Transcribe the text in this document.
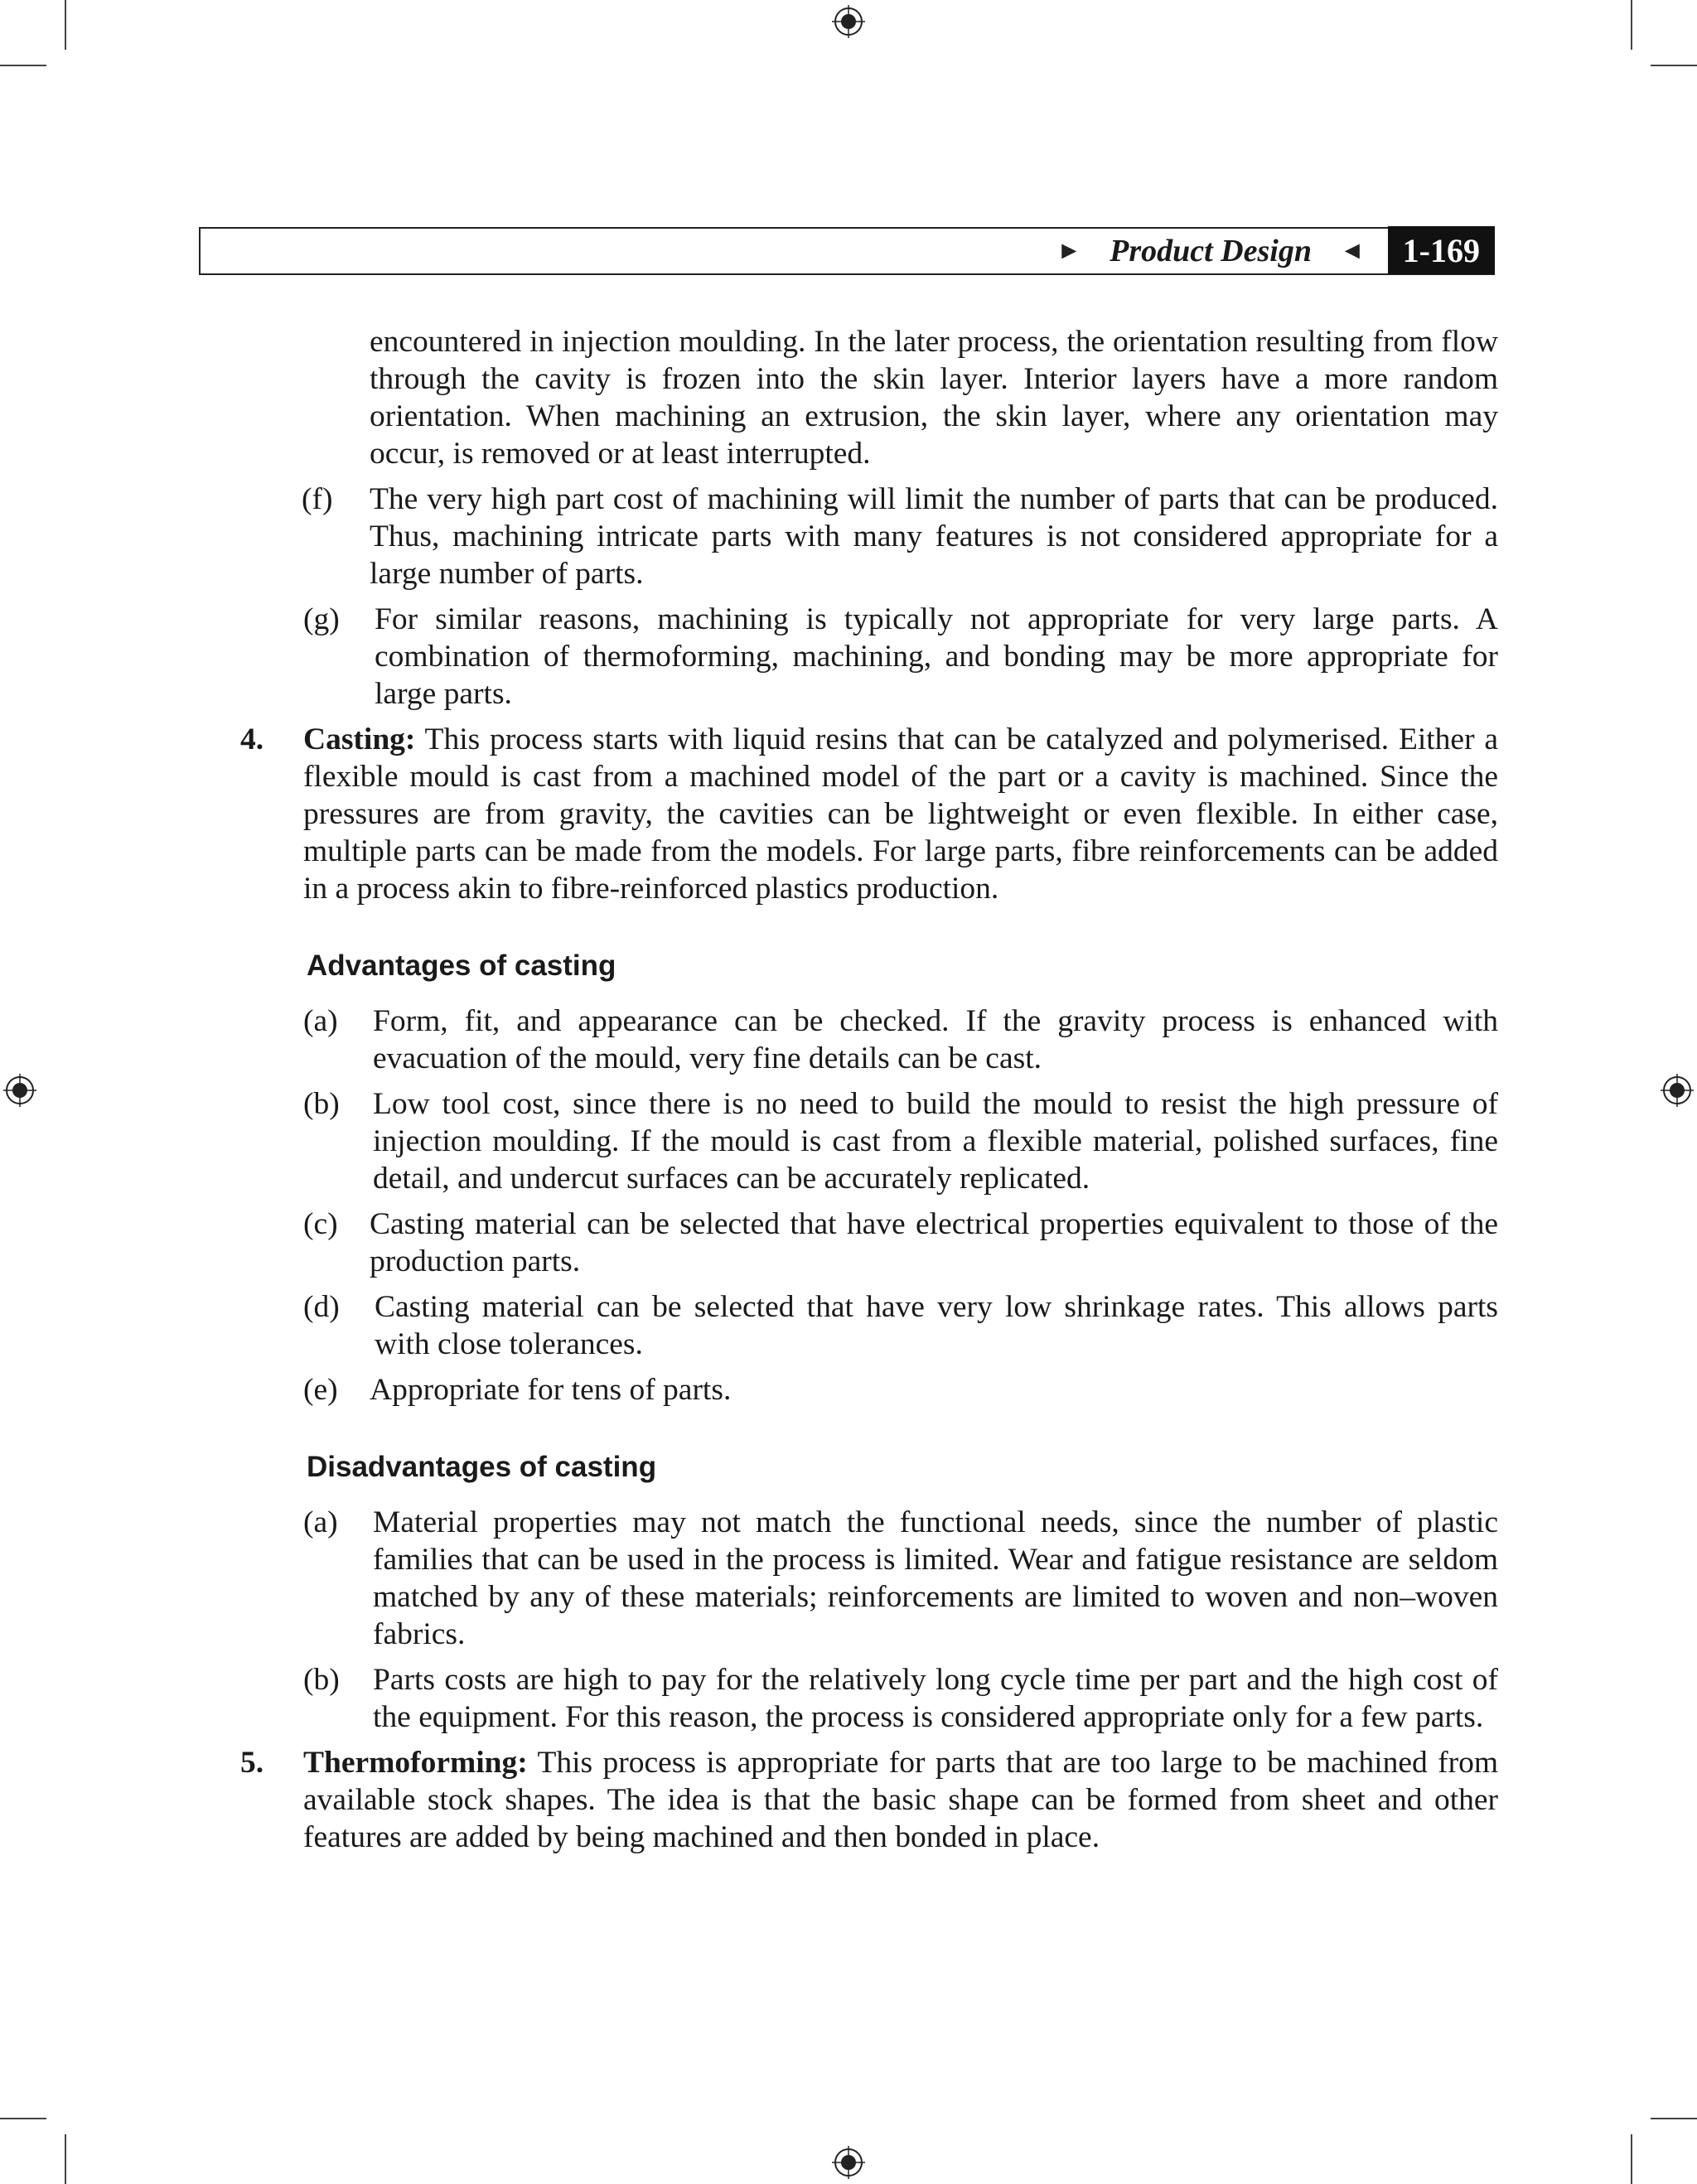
► Product Design ◄	1-169
encountered in injection moulding. In the later process, the orientation resulting from flow through the cavity is frozen into the skin layer. Interior layers have a more random orientation. When machining an extrusion, the skin layer, where any orientation may occur, is removed or at least interrupted.
(f)	The very high part cost of machining will limit the number of parts that can be produced. Thus, machining intricate parts with many features is not considered appropriate for a large number of parts.
(g)	For similar reasons, machining is typically not appropriate for very large parts. A combination of thermoforming, machining, and bonding may be more appropriate for large parts.
4.	Casting: This process starts with liquid resins that can be catalyzed and polymerised. Either a flexible mould is cast from a machined model of the part or a cavity is machined. Since the pressures are from gravity, the cavities can be lightweight or even flexible. In either case, multiple parts can be made from the models. For large parts, fibre reinforcements can be added in a process akin to fibre-reinforced plastics production.
Advantages of casting
(a)	Form, fit, and appearance can be checked. If the gravity process is enhanced with evacuation of the mould, very fine details can be cast.
(b)	Low tool cost, since there is no need to build the mould to resist the high pressure of injection moulding. If the mould is cast from a flexible material, polished surfaces, fine detail, and undercut surfaces can be accurately replicated.
(c)	Casting material can be selected that have electrical properties equivalent to those of the production parts.
(d)	Casting material can be selected that have very low shrinkage rates. This allows parts with close tolerances.
(e)	Appropriate for tens of parts.
Disadvantages of casting
(a)	Material properties may not match the functional needs, since the number of plastic families that can be used in the process is limited. Wear and fatigue resistance are seldom matched by any of these materials; reinforcements are limited to woven and non–woven fabrics.
(b)	Parts costs are high to pay for the relatively long cycle time per part and the high cost of the equipment. For this reason, the process is considered appropriate only for a few parts.
5.	Thermoforming: This process is appropriate for parts that are too large to be machined from available stock shapes. The idea is that the basic shape can be formed from sheet and other features are added by being machined and then bonded in place.
